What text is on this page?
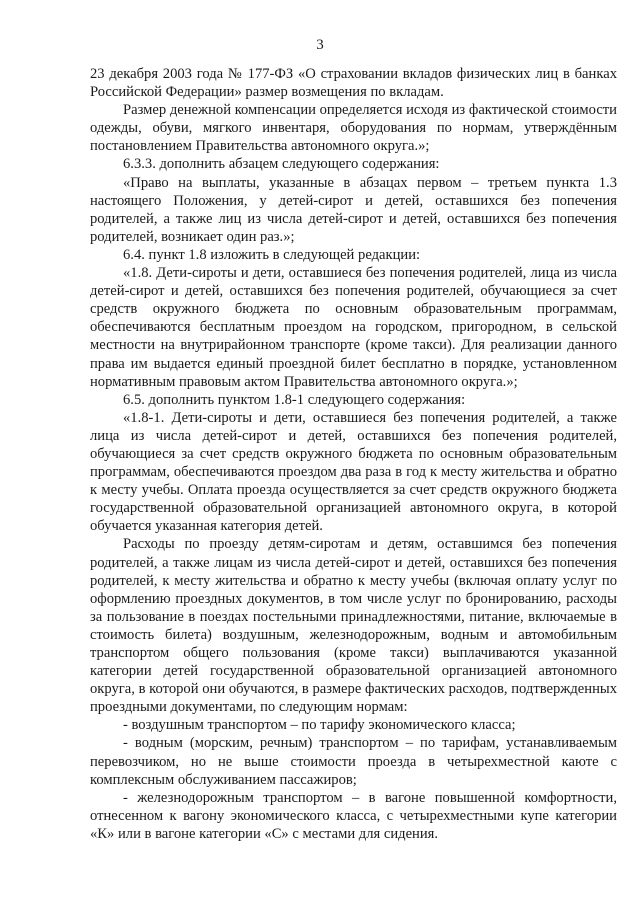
3

23 декабря 2003 года № 177-ФЗ «О страховании вкладов физических лиц в банках Российской Федерации» размер возмещения по вкладам.

Размер денежной компенсации определяется исходя из фактической стоимости одежды, обуви, мягкого инвентаря, оборудования по нормам, утверждённым постановлением Правительства автономного округа.»;

6.3.3. дополнить абзацем следующего содержания:

«Право на выплаты, указанные в абзацах первом – третьем пункта 1.3 настоящего Положения, у детей-сирот и детей, оставшихся без попечения родителей, а также лиц из числа детей-сирот и детей, оставшихся без попечения родителей, возникает один раз.»;

6.4. пункт 1.8 изложить в следующей редакции:

«1.8. Дети-сироты и дети, оставшиеся без попечения родителей, лица из числа детей-сирот и детей, оставшихся без попечения родителей, обучающиеся за счет средств окружного бюджета по основным образовательным программам, обеспечиваются бесплатным проездом на городском, пригородном, в сельской местности на внутрирайонном транспорте (кроме такси). Для реализации данного права им выдается единый проездной билет бесплатно в порядке, установленном нормативным правовым актом Правительства автономного округа.»;

6.5. дополнить пунктом 1.8-1 следующего содержания:

«1.8-1. Дети-сироты и дети, оставшиеся без попечения родителей, а также лица из числа детей-сирот и детей, оставшихся без попечения родителей, обучающиеся за счет средств окружного бюджета по основным образовательным программам, обеспечиваются проездом два раза в год к месту жительства и обратно к месту учебы. Оплата проезда осуществляется за счет средств окружного бюджета государственной образовательной организацией автономного округа, в которой обучается указанная категория детей.

Расходы по проезду детям-сиротам и детям, оставшимся без попечения родителей, а также лицам из числа детей-сирот и детей, оставшихся без попечения родителей, к месту жительства и обратно к месту учебы (включая оплату услуг по оформлению проездных документов, в том числе услуг по бронированию, расходы за пользование в поездах постельными принадлежностями, питание, включаемые в стоимость билета) воздушным, железнодорожным, водным и автомобильным транспортом общего пользования (кроме такси) выплачиваются указанной категории детей государственной образовательной организацией автономного округа, в которой они обучаются, в размере фактических расходов, подтвержденных проездными документами, по следующим нормам:

- воздушным транспортом – по тарифу экономического класса;

- водным (морским, речным) транспортом – по тарифам, устанавливаемым перевозчиком, но не выше стоимости проезда в четырехместной каюте с комплексным обслуживанием пассажиров;

- железнодорожным транспортом – в вагоне повышенной комфортности, отнесенном к вагону экономического класса, с четырехместными купе категории «К» или в вагоне категории «С» с местами для сидения.
